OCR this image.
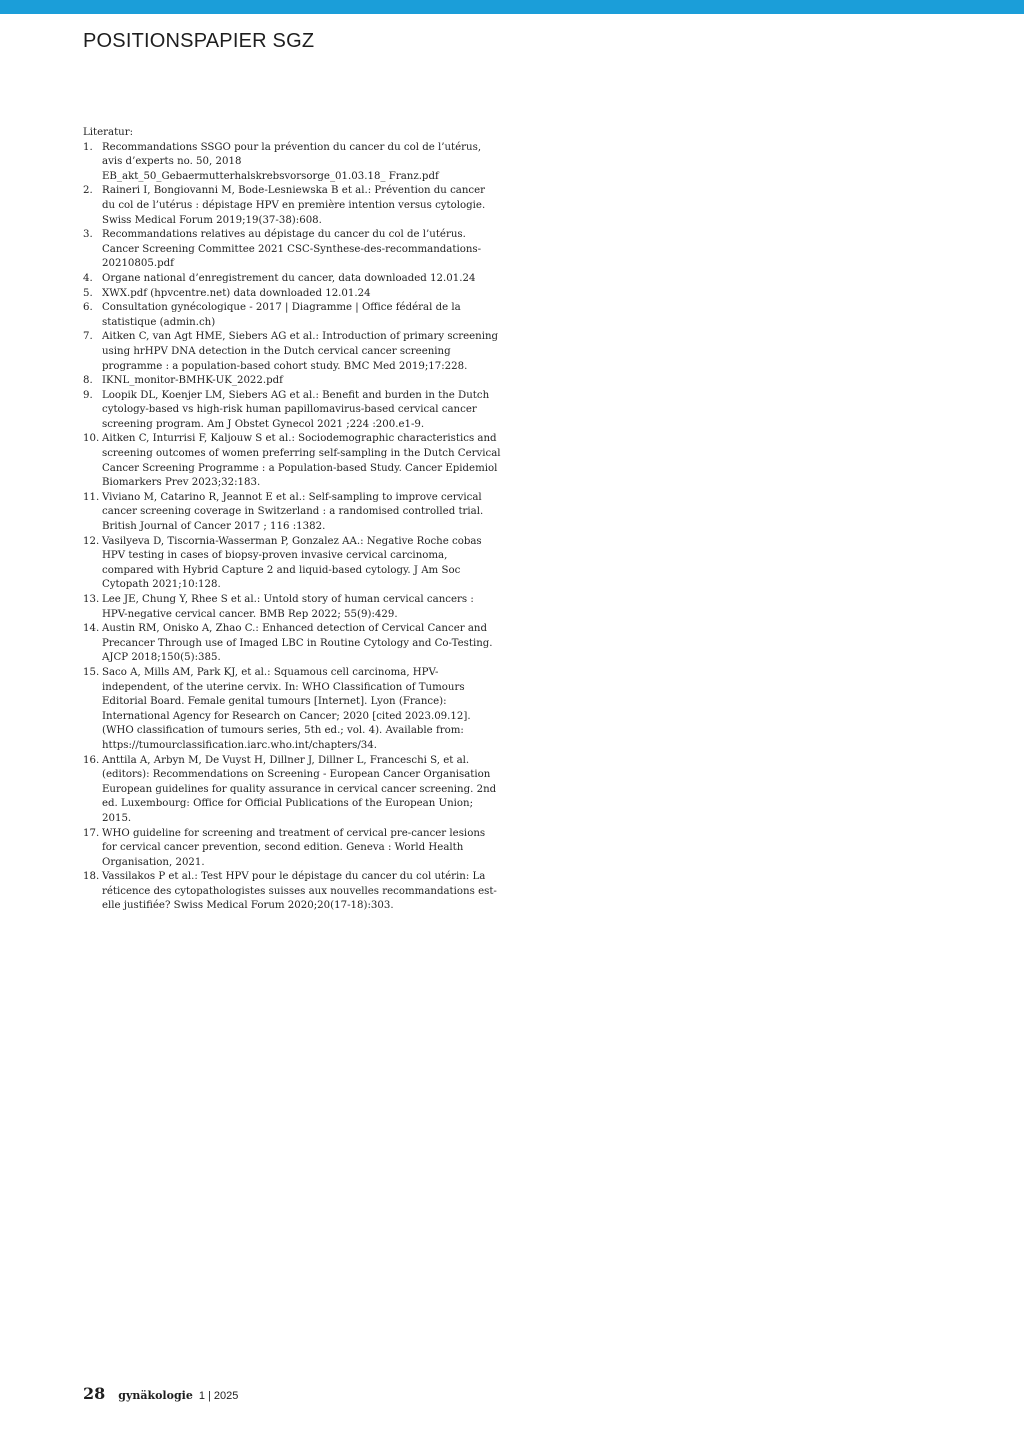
POSITIONSPAPIER SGZ

Literatur:

1. Recommandations SSGO pour la prévention du cancer du col de l’utérus, avis d’experts no. 50, 2018 EB_akt_50_Gebaermutterhalskrebsvorsorge_01.03.18_ Franz.pdf
2. Raineri I, Bongiovanni M, Bode-Lesniewska B et al.: Prévention du cancer du col de l’utérus : dépistage HPV en première intention versus cytologie. Swiss Medical Forum 2019;19(37-38):608.
3. Recommandations relatives au dépistage du cancer du col de l’utérus. Cancer Screening Committee 2021 CSC-Synthese-des-recommandations-20210805.pdf
4. Organe national d’enregistrement du cancer, data downloaded 12.01.24
5. XWX.pdf (hpvcentre.net) data downloaded 12.01.24
6. Consultation gynécologique - 2017 | Diagramme | Office fédéral de la statistique (admin.ch)
7. Aitken C, van Agt HME, Siebers AG et al.: Introduction of primary screening using hrHPV DNA detection in the Dutch cervical cancer screening programme : a population-based cohort study. BMC Med 2019;17:228.
8. IKNL_monitor-BMHK-UK_2022.pdf
9. Loopik DL, Koenjer LM, Siebers AG et al.: Benefit and burden in the Dutch cytology-based vs high-risk human papillomavirus-based cervical cancer screening program. Am J Obstet Gynecol 2021 ;224 :200.e1-9.
10. Aitken C, Inturrisi F, Kaljouw S et al.: Sociodemographic characteristics and screening outcomes of women preferring self-sampling in the Dutch Cervical Cancer Screening Programme : a Population-based Study. Cancer Epidemiol Biomarkers Prev 2023;32:183.
11. Viviano M, Catarino R, Jeannot E et al.: Self-sampling to improve cervical cancer screening coverage in Switzerland : a randomised controlled trial. British Journal of Cancer 2017 ; 116 :1382.
12. Vasilyeva D, Tiscornia-Wasserman P, Gonzalez AA.: Negative Roche cobas HPV testing in cases of biopsy-proven invasive cervical carcinoma, compared with Hybrid Capture 2 and liquid-based cytology. J Am Soc Cytopath 2021;10:128.
13. Lee JE, Chung Y, Rhee S et al.: Untold story of human cervical cancers : HPV-negative cervical cancer. BMB Rep 2022; 55(9):429.
14. Austin RM, Onisko A, Zhao C.: Enhanced detection of Cervical Cancer and Precancer Through use of Imaged LBC in Routine Cytology and Co-Testing. AJCP 2018;150(5):385.
15. Saco A, Mills AM, Park KJ, et al.: Squamous cell carcinoma, HPV-independent, of the uterine cervix. In: WHO Classification of Tumours Editorial Board. Female genital tumours [Internet]. Lyon (France): International Agency for Research on Cancer; 2020 [cited 2023.09.12]. (WHO classification of tumours series, 5th ed.; vol. 4). Available from: https://tumourclassification.iarc.who.int/chapters/34.
16. Anttila A, Arbyn M, De Vuyst H, Dillner J, Dillner L, Franceschi S, et al. (editors): Recommendations on Screening - European Cancer Organisation European guidelines for quality assurance in cervical cancer screening. 2nd ed. Luxembourg: Office for Official Publications of the European Union; 2015.
17. WHO guideline for screening and treatment of cervical pre-cancer lesions for cervical cancer prevention, second edition. Geneva : World Health Organisation, 2021.
18. Vassilakos P et al.: Test HPV pour le dépistage du cancer du col utérin: La réticence des cytopathologistes suisses aux nouvelles recommandations est-elle justifiée? Swiss Medical Forum 2020;20(17-18):303.
28 gynäkologie 1 | 2025
